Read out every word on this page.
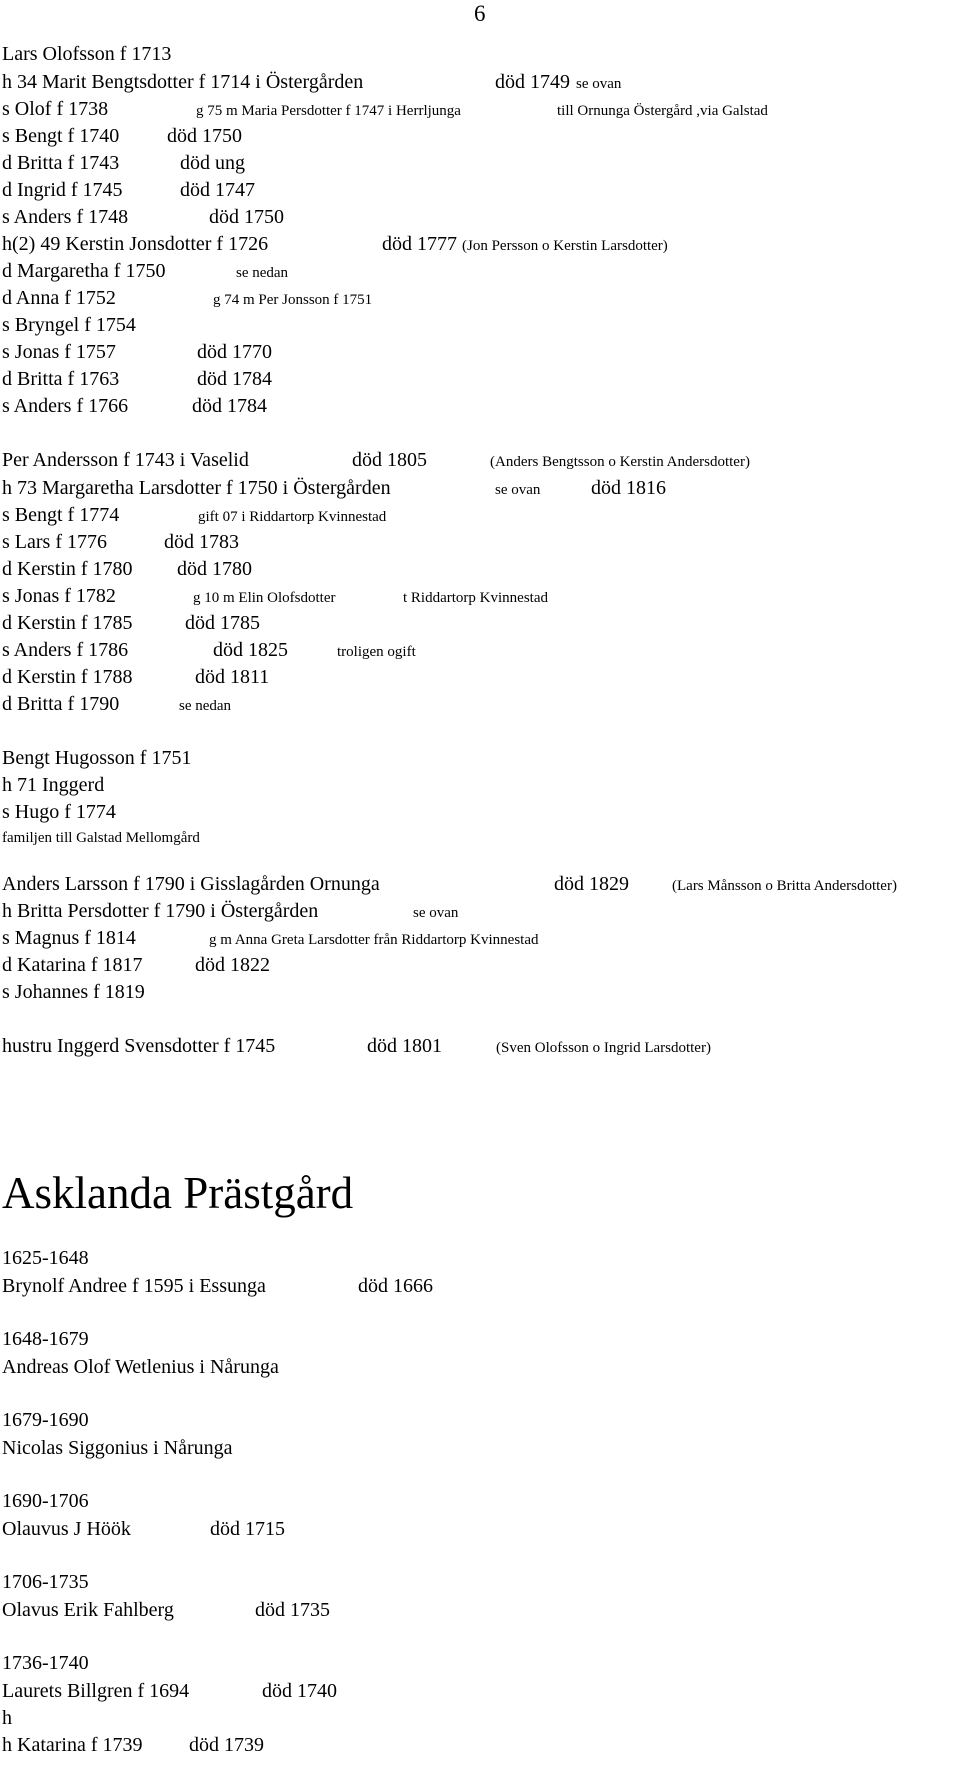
6
Asklanda Prästgård
Lars Olofsson f 1713
h 34 Marit Bengtsdotter f 1714 i Östergården	död 1749 se ovan
s Olof f 1738	g 75 m Maria Persdotter f 1747 i Herrljunga	till Ornunga Östergård ,via Galstad
s Bengt f 1740 död 1750
d Britta f 1743	död ung
d Ingrid f 1745	död 1747
s Anders f 1748	död 1750
h(2) 49 Kerstin Jonsdotter f 1726	död 1777 (Jon Persson o Kerstin Larsdotter)
d Margaretha f 1750	se nedan
d Anna f 1752	g 74 m Per Jonsson f 1751
s Bryngel f 1754
s Jonas f 1757	död 1770
d Britta f 1763	död 1784
s Anders f 1766	död 1784
Per Andersson f 1743 i Vaselid	död 1805	(Anders Bengtsson o Kerstin Andersdotter)
h 73 Margaretha Larsdotter f 1750 i Östergården	se ovan	död 1816
s Bengt f 1774	gift 07 i Riddartorp Kvinnestad
s Lars f 1776	död 1783
d Kerstin f 1780 död 1780
s Jonas f 1782	g 10 m Elin Olofsdotter	t Riddartorp Kvinnestad
d Kerstin f 1785	död 1785
s Anders f 1786	död 1825	troligen ogift
d Kerstin f 1788	död 1811
d Britta f 1790	se nedan
Bengt Hugosson f 1751
h 71 Inggerd
s Hugo f 1774
familjen till Galstad Mellomgård
Anders Larsson f 1790 i Gisslagården Ornunga	död 1829	(Lars Månsson o Britta Andersdotter)
h Britta Persdotter f 1790 i Östergården	se ovan
s Magnus f 1814	g m Anna Greta Larsdotter från Riddartorp Kvinnestad
d Katarina f 1817	död 1822
s Johannes f 1819
hustru Inggerd Svensdotter f 1745	död 1801	(Sven Olofsson o Ingrid Larsdotter)
1625-1648
Brynolf Andree f 1595 i Essunga	död 1666
1648-1679
Andreas Olof Wetlenius i Nårunga
1679-1690
Nicolas Siggonius i Nårunga
1690-1706
Olauvus J Höök	död 1715
1706-1735
Olavus Erik Fahlberg	död 1735
1736-1740
Laurets Billgren f 1694	död 1740
h
h Katarina f 1739 död 1739
